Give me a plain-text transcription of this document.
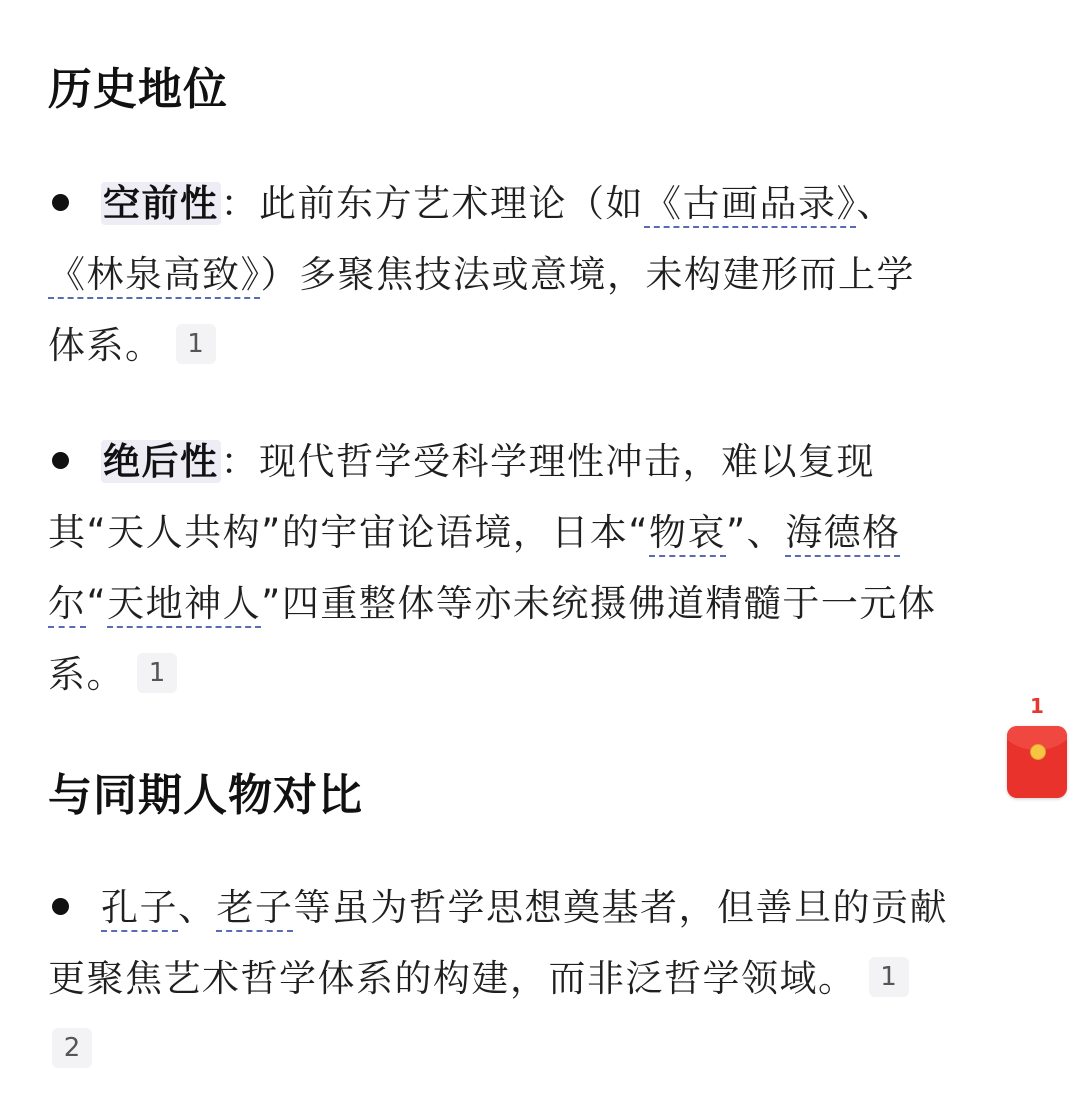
历史地位
空前性：此前东方艺术理论（如《古画品录》、
《林泉高致》）多聚焦技法或意境，未构建形而上学
体系。 1
绝后性：现代哲学受科学理性冲击，难以复现
其“天人共构”的宇宙论语境，日本“物哀”、海德格
尔“天地神人”四重整体等亦未统摄佛道精髓于一元体
系。 1
与同期人物对比
孔子、老子等虽为哲学思想奠基者，但善旦的贡献
更聚焦艺术哲学体系的构建，而非泛哲学领域。 1
2
1
